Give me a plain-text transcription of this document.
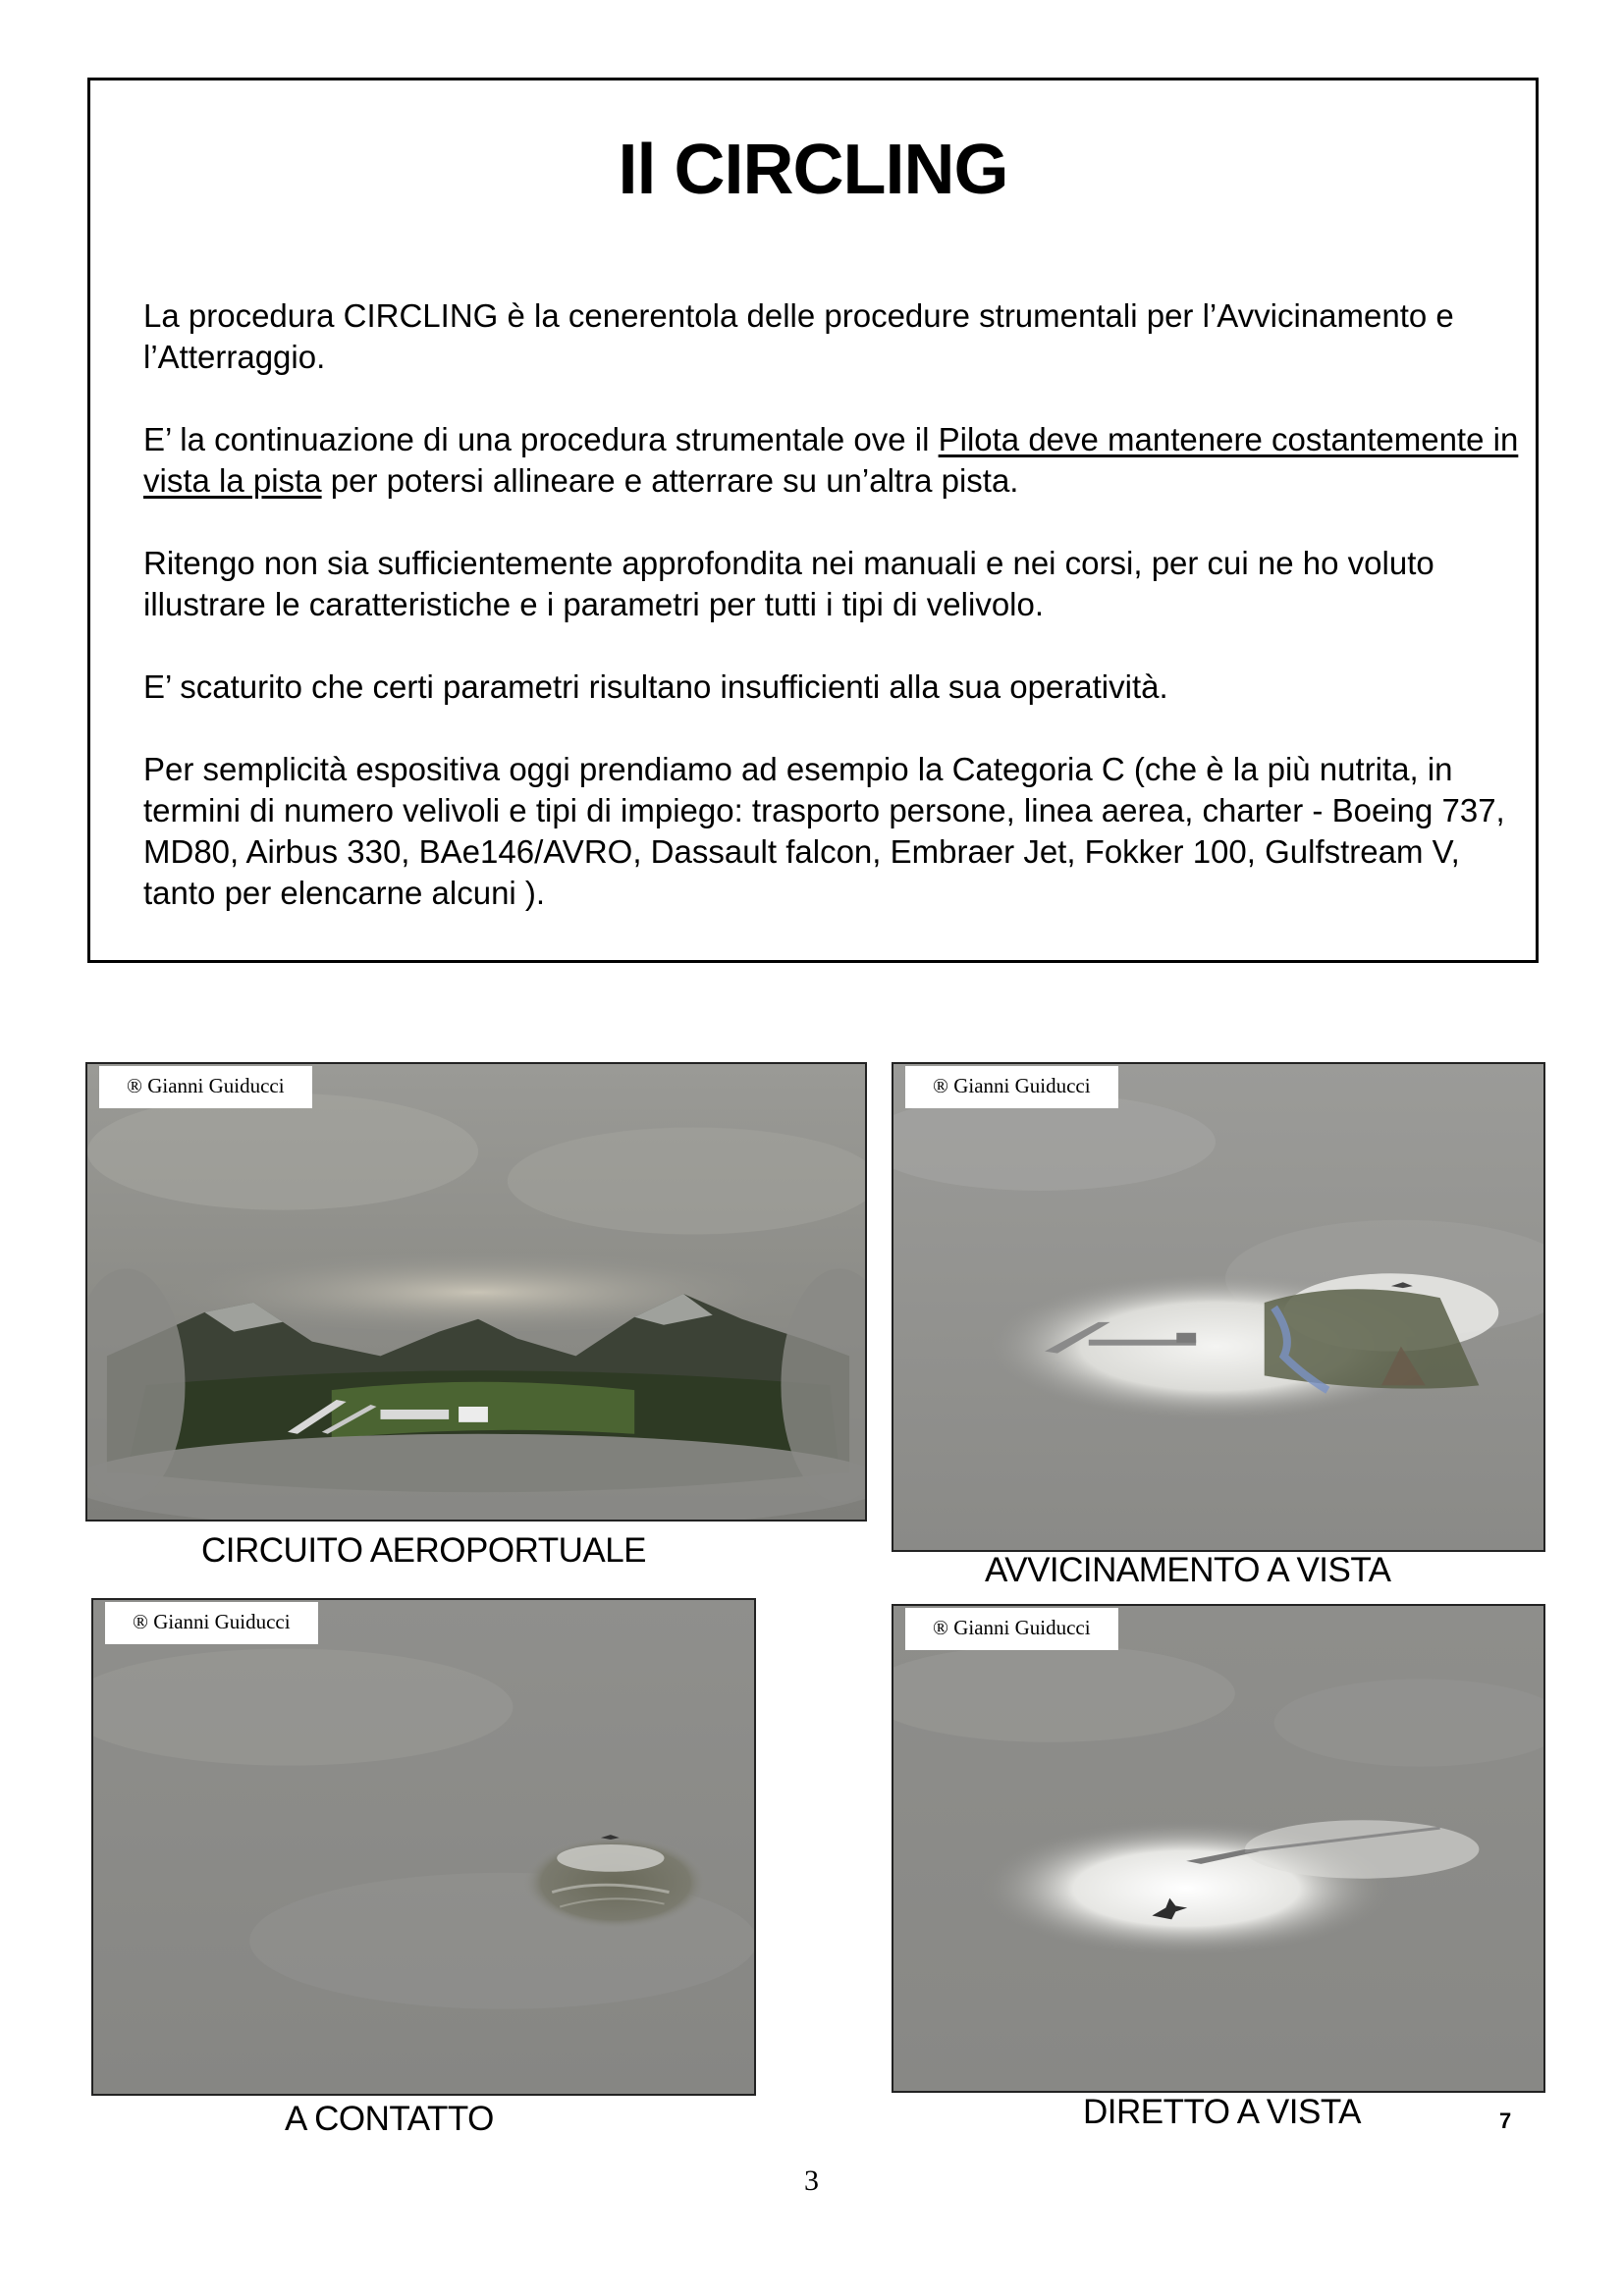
Il CIRCLING

La procedura CIRCLING è la cenerentola delle procedure strumentali per l’Avvicinamento e l’Atterraggio.

E’ la continuazione di una procedura strumentale ove il Pilota deve mantenere costantemente in vista la pista per potersi allineare e atterrare su un’altra pista.

Ritengo non sia sufficientemente approfondita nei manuali e nei corsi, per cui ne ho voluto illustrare le caratteristiche e i parametri per tutti i tipi di velivolo.

E’ scaturito che certi parametri risultano insufficienti alla sua operatività.

Per semplicità espositiva oggi prendiamo ad esempio la Categoria C (che è la più nutrita, in termini di numero velivoli e tipi di impiego: trasporto persone, linea aerea, charter - Boeing 737, MD80, Airbus 330, BAe146/AVRO, Dassault falcon, Embraer Jet, Fokker 100, Gulfstream V, tanto per elencarne alcuni ).

® Gianni Guiducci
CIRCUITO AEROPORTUALE
® Gianni Guiducci
AVVICINAMENTO A VISTA
® Gianni Guiducci
A CONTATTO
® Gianni Guiducci
DIRETTO A VISTA	7
3
